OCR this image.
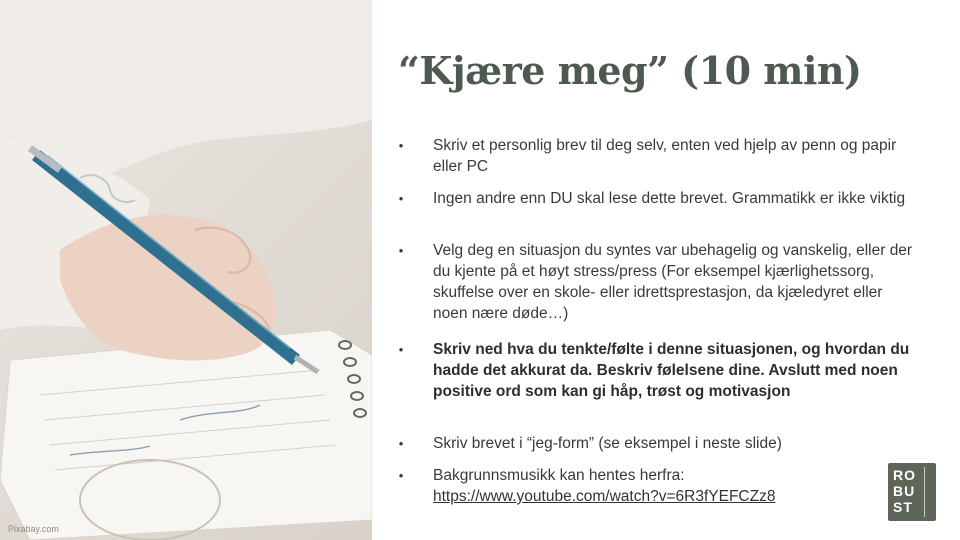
Pixabay.com
“Kjære meg” (10 min)
•	Skriv et personlig brev til deg selv, enten ved hjelp av penn og papir eller PC
•	Ingen andre enn DU skal lese dette brevet. Grammatikk er ikke viktig
•	Velg deg en situasjon du syntes var ubehagelig og vanskelig, eller der du kjente på et høyt stress/press (For eksempel kjærlighetssorg, skuffelse over en skole- eller idrettsprestasjon, da kjæledyret eller noen nære døde…)
•	Skriv ned hva du tenkte/følte i denne situasjonen, og hvordan du hadde det akkurat da. Beskriv følelsene dine. Avslutt med noen positive ord som kan gi håp, trøst og motivasjon
•	Skriv brevet i “jeg-form” (se eksempel i neste slide)
•	Bakgrunnsmusikk kan hentes herfra:
https://www.youtube.com/watch?v=6R3fYEFCZz8
RO
BU
ST
